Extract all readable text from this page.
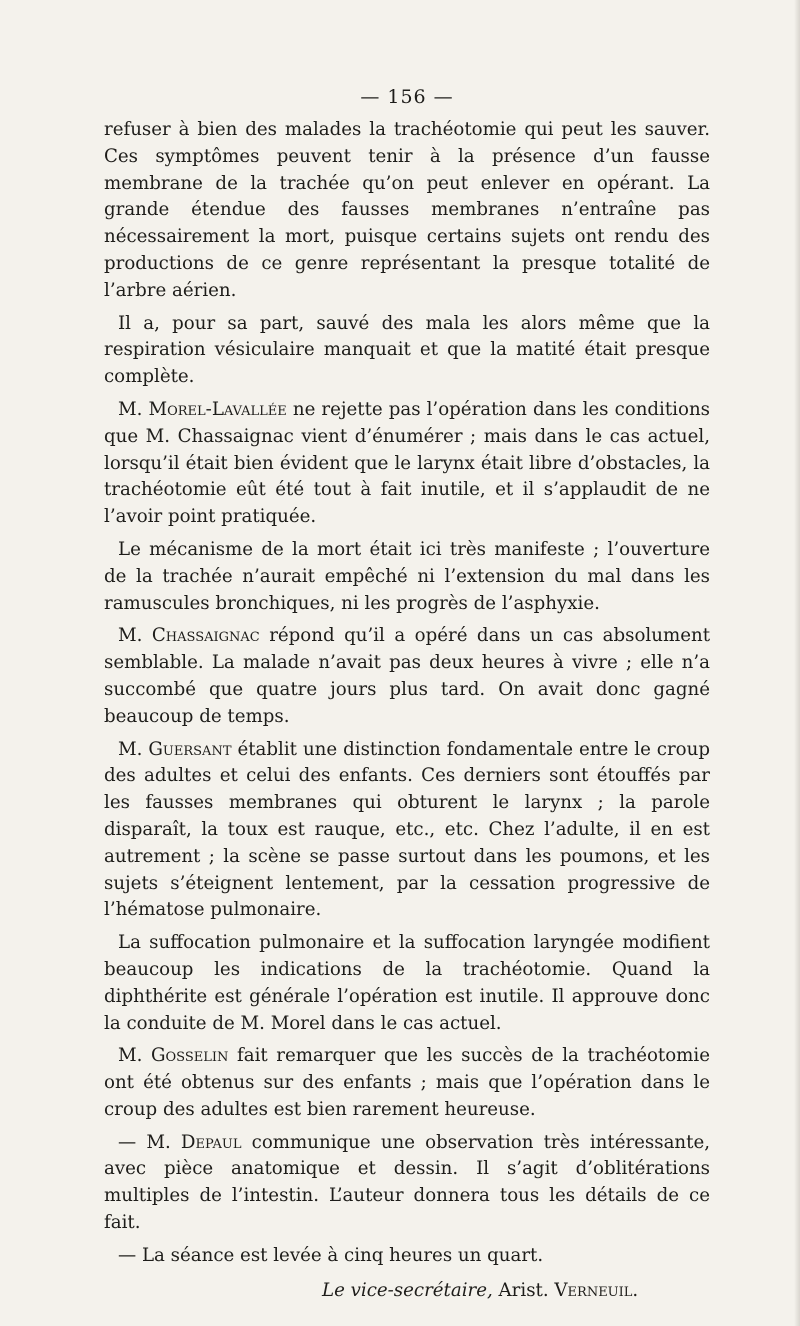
— 156 —

refuser à bien des malades la trachéotomie qui peut les sauver. Ces symptômes peuvent tenir à la présence d’un fausse membrane de la trachée qu’on peut enlever en opérant. La grande étendue des fausses membranes n’entraîne pas nécessairement la mort, puisque certains sujets ont rendu des productions de ce genre représentant la presque totalité de l’arbre aérien.

Il a, pour sa part, sauvé des mala les alors même que la respiration vésiculaire manquait et que la matité était presque complète.

M. Morel-Lavallée ne rejette pas l’opération dans les conditions que M. Chassaignac vient d’énumérer ; mais dans le cas actuel, lorsqu’il était bien évident que le larynx était libre d’obstacles, la trachéotomie eût été tout à fait inutile, et il s’applaudit de ne l’avoir point pratiquée.

Le mécanisme de la mort était ici très manifeste ; l’ouverture de la trachée n’aurait empêché ni l’extension du mal dans les ramuscules bronchiques, ni les progrès de l’asphyxie.

M. Chassaignac répond qu’il a opéré dans un cas absolument semblable. La malade n’avait pas deux heures à vivre ; elle n’a succombé que quatre jours plus tard. On avait donc gagné beaucoup de temps.

M. Guersant établit une distinction fondamentale entre le croup des adultes et celui des enfants. Ces derniers sont étouffés par les fausses membranes qui obturent le larynx ; la parole disparaît, la toux est rauque, etc., etc. Chez l’adulte, il en est autrement ; la scène se passe surtout dans les poumons, et les sujets s’éteignent lentement, par la cessation progressive de l’hématose pulmonaire.

La suffocation pulmonaire et la suffocation laryngée modifient beaucoup les indications de la trachéotomie. Quand la diphthérite est générale l’opération est inutile. Il approuve donc la conduite de M. Morel dans le cas actuel.

M. Gosselin fait remarquer que les succès de la trachéotomie ont été obtenus sur des enfants ; mais que l’opération dans le croup des adultes est bien rarement heureuse.

— M. Depaul communique une observation très intéressante, avec pièce anatomique et dessin. Il s’agit d’oblitérations multiples de l’intestin. L’auteur donnera tous les détails de ce fait.

— La séance est levée à cinq heures un quart.

Le vice-secrétaire, Arist. Verneuil.
